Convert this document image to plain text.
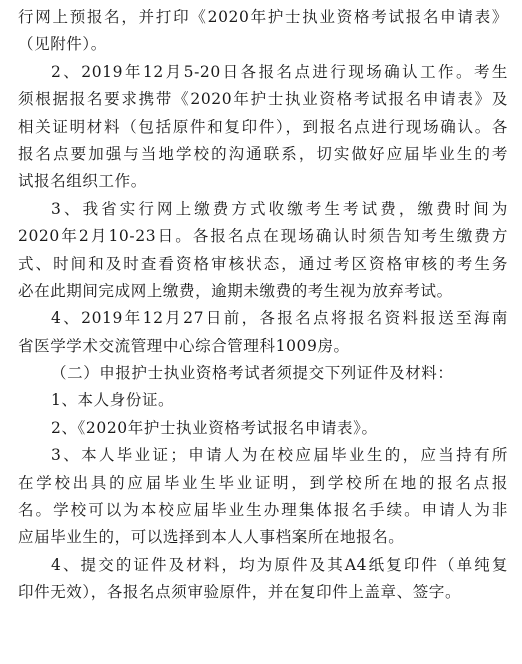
行网上预报名，并打印《2020年护士执业资格考试报名申请表》
（见附件）。
2、2019年12月5-20日各报名点进行现场确认工作。考生
须根据报名要求携带《2020年护士执业资格考试报名申请表》及
相关证明材料（包括原件和复印件），到报名点进行现场确认。各
报名点要加强与当地学校的沟通联系，切实做好应届毕业生的考
试报名组织工作。
3、我省实行网上缴费方式收缴考生考试费，缴费时间为
2020年2月10-23日。各报名点在现场确认时须告知考生缴费方
式、时间和及时查看资格审核状态，通过考区资格审核的考生务
必在此期间完成网上缴费，逾期未缴费的考生视为放弃考试。
4、2019年12月27日前，各报名点将报名资料报送至海南
省医学学术交流管理中心综合管理科1009房。
（二）申报护士执业资格考试者须提交下列证件及材料：
1、本人身份证。
2、《2020年护士执业资格考试报名申请表》。
3、本人毕业证；申请人为在校应届毕业生的，应当持有所
在学校出具的应届毕业生毕业证明，到学校所在地的报名点报
名。学校可以为本校应届毕业生办理集体报名手续。申请人为非
应届毕业生的，可以选择到本人人事档案所在地报名。
4、提交的证件及材料，均为原件及其A4纸复印件（单纯复
印件无效），各报名点须审验原件，并在复印件上盖章、签字。
